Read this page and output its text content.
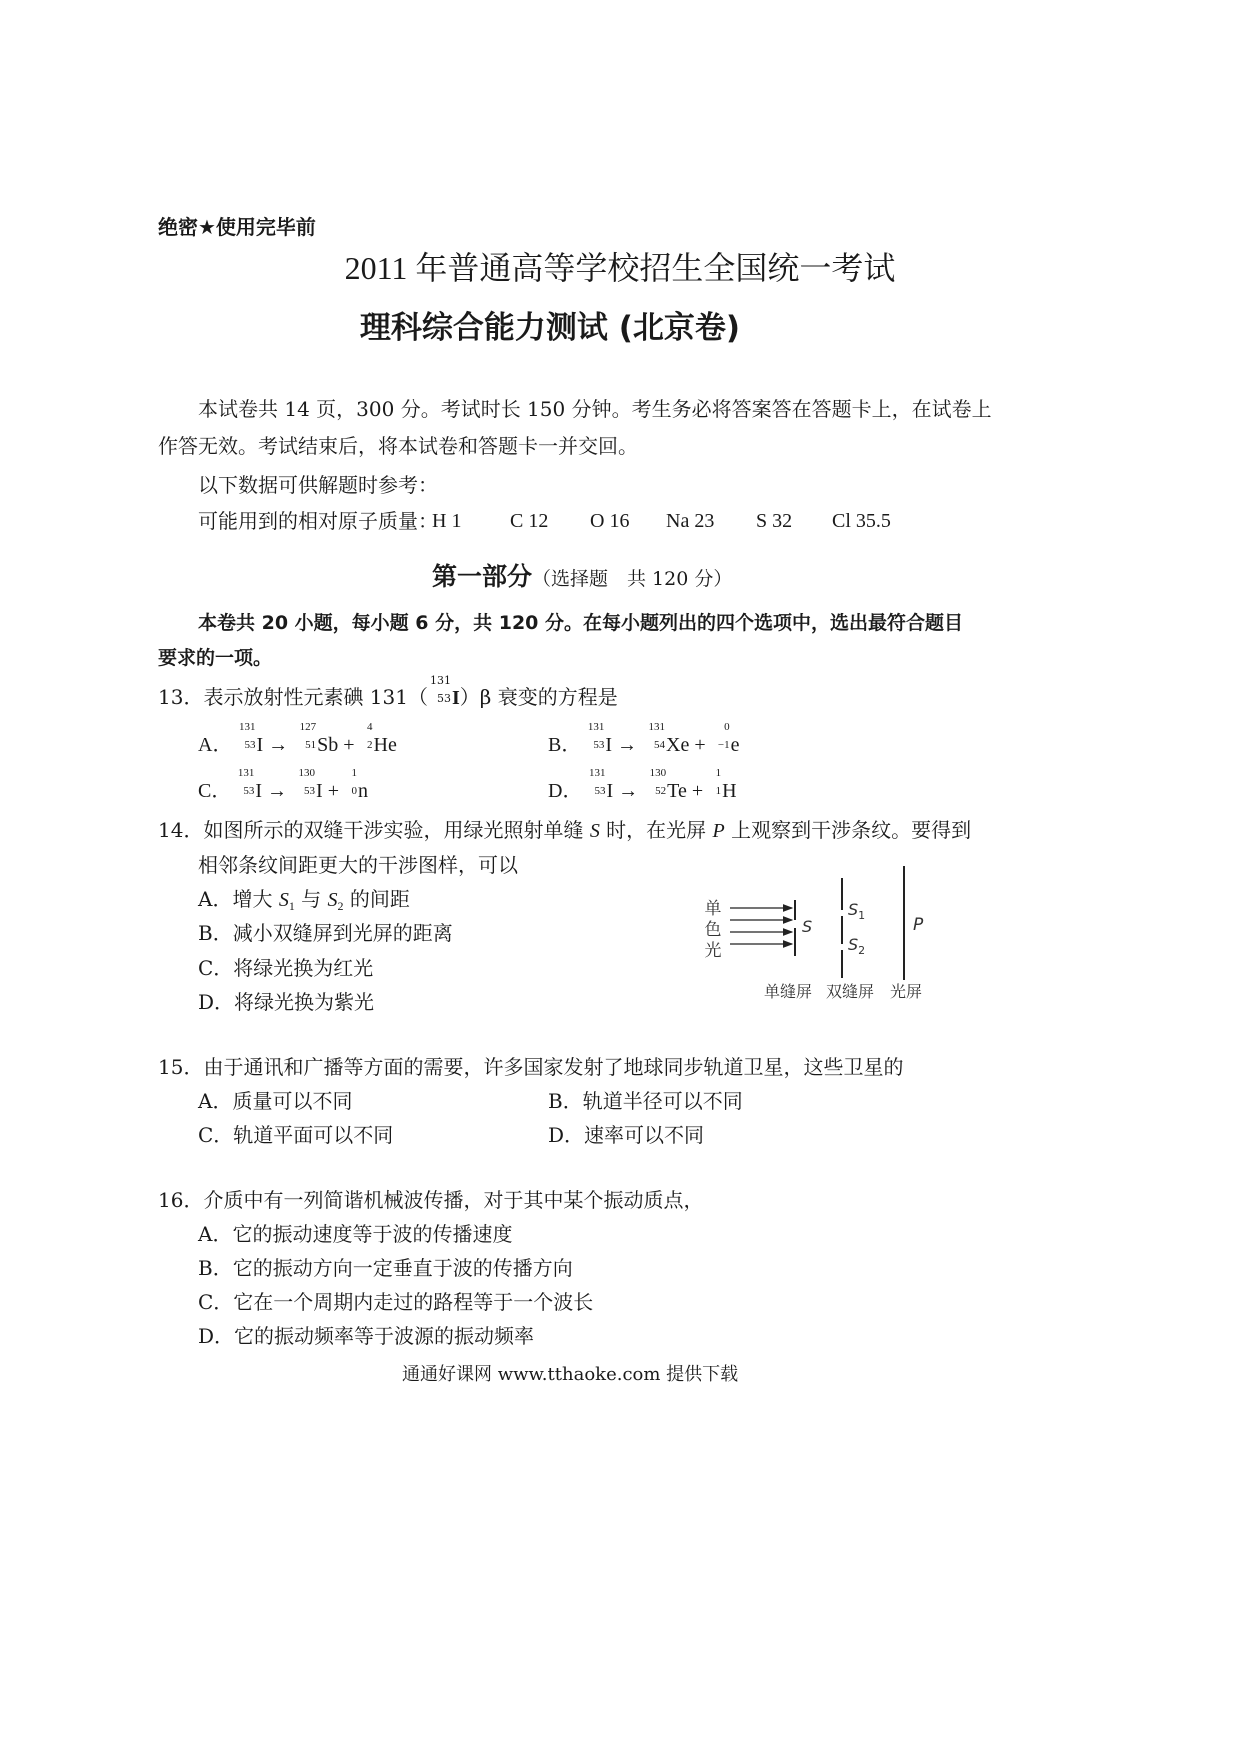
绝密★使用完毕前
2011 年普通高等学校招生全国统一考试
理科综合能力测试 (北京卷)
本试卷共 14 页，300 分。考试时长 150 分钟。考生务必将答案答在答题卡上，在试卷上
作答无效。考试结束后，将本试卷和答题卡一并交回。
以下数据可供解题时参考：
可能用到的相对原子质量：
H 1 C 12 O 16 Na 23 S 32 Cl 35.5
第一部分（选择题　共 120 分）
本卷共 20 小题，每小题 6 分，共 120 分。在每小题列出的四个选项中，选出最符合题目
要求的一项。
13．表示放射性元素碘 131（
131
53 I）β 衰变的方程是
A．
131
53 I →
127
51 Sb +
4
2 He	B．
131
53 I →
131
54 Xe +
0
−1 e
C．
131
53 I →
130
53 I +
1
0 n	D．
131
53 I →
130
52 Te +
1
1 H
14．如图所示的双缝干涉实验，用绿光照射单缝 S 时，在光屏 P 上观察到干涉条纹。要得到
相邻条纹间距更大的干涉图样，可以
A．增大 $S_1$ 与 $S_2$ 的间距
B．减小双缝屏到光屏的距离
C．将绿光换为红光
D．将绿光换为紫光
单
色
光
S
$S_1$
$S_2$
P
单缝屏 双缝屏 光屏
15．由于通讯和广播等方面的需要，许多国家发射了地球同步轨道卫星，这些卫星的
A．质量可以不同	B．轨道半径可以不同
C．轨道平面可以不同	D．速率可以不同
16．介质中有一列简谐机械波传播，对于其中某个振动质点，
A．它的振动速度等于波的传播速度
B．它的振动方向一定垂直于波的传播方向
C．它在一个周期内走过的路程等于一个波长
D．它的振动频率等于波源的振动频率
通通好课网 www.tthaoke.com 提供下载
